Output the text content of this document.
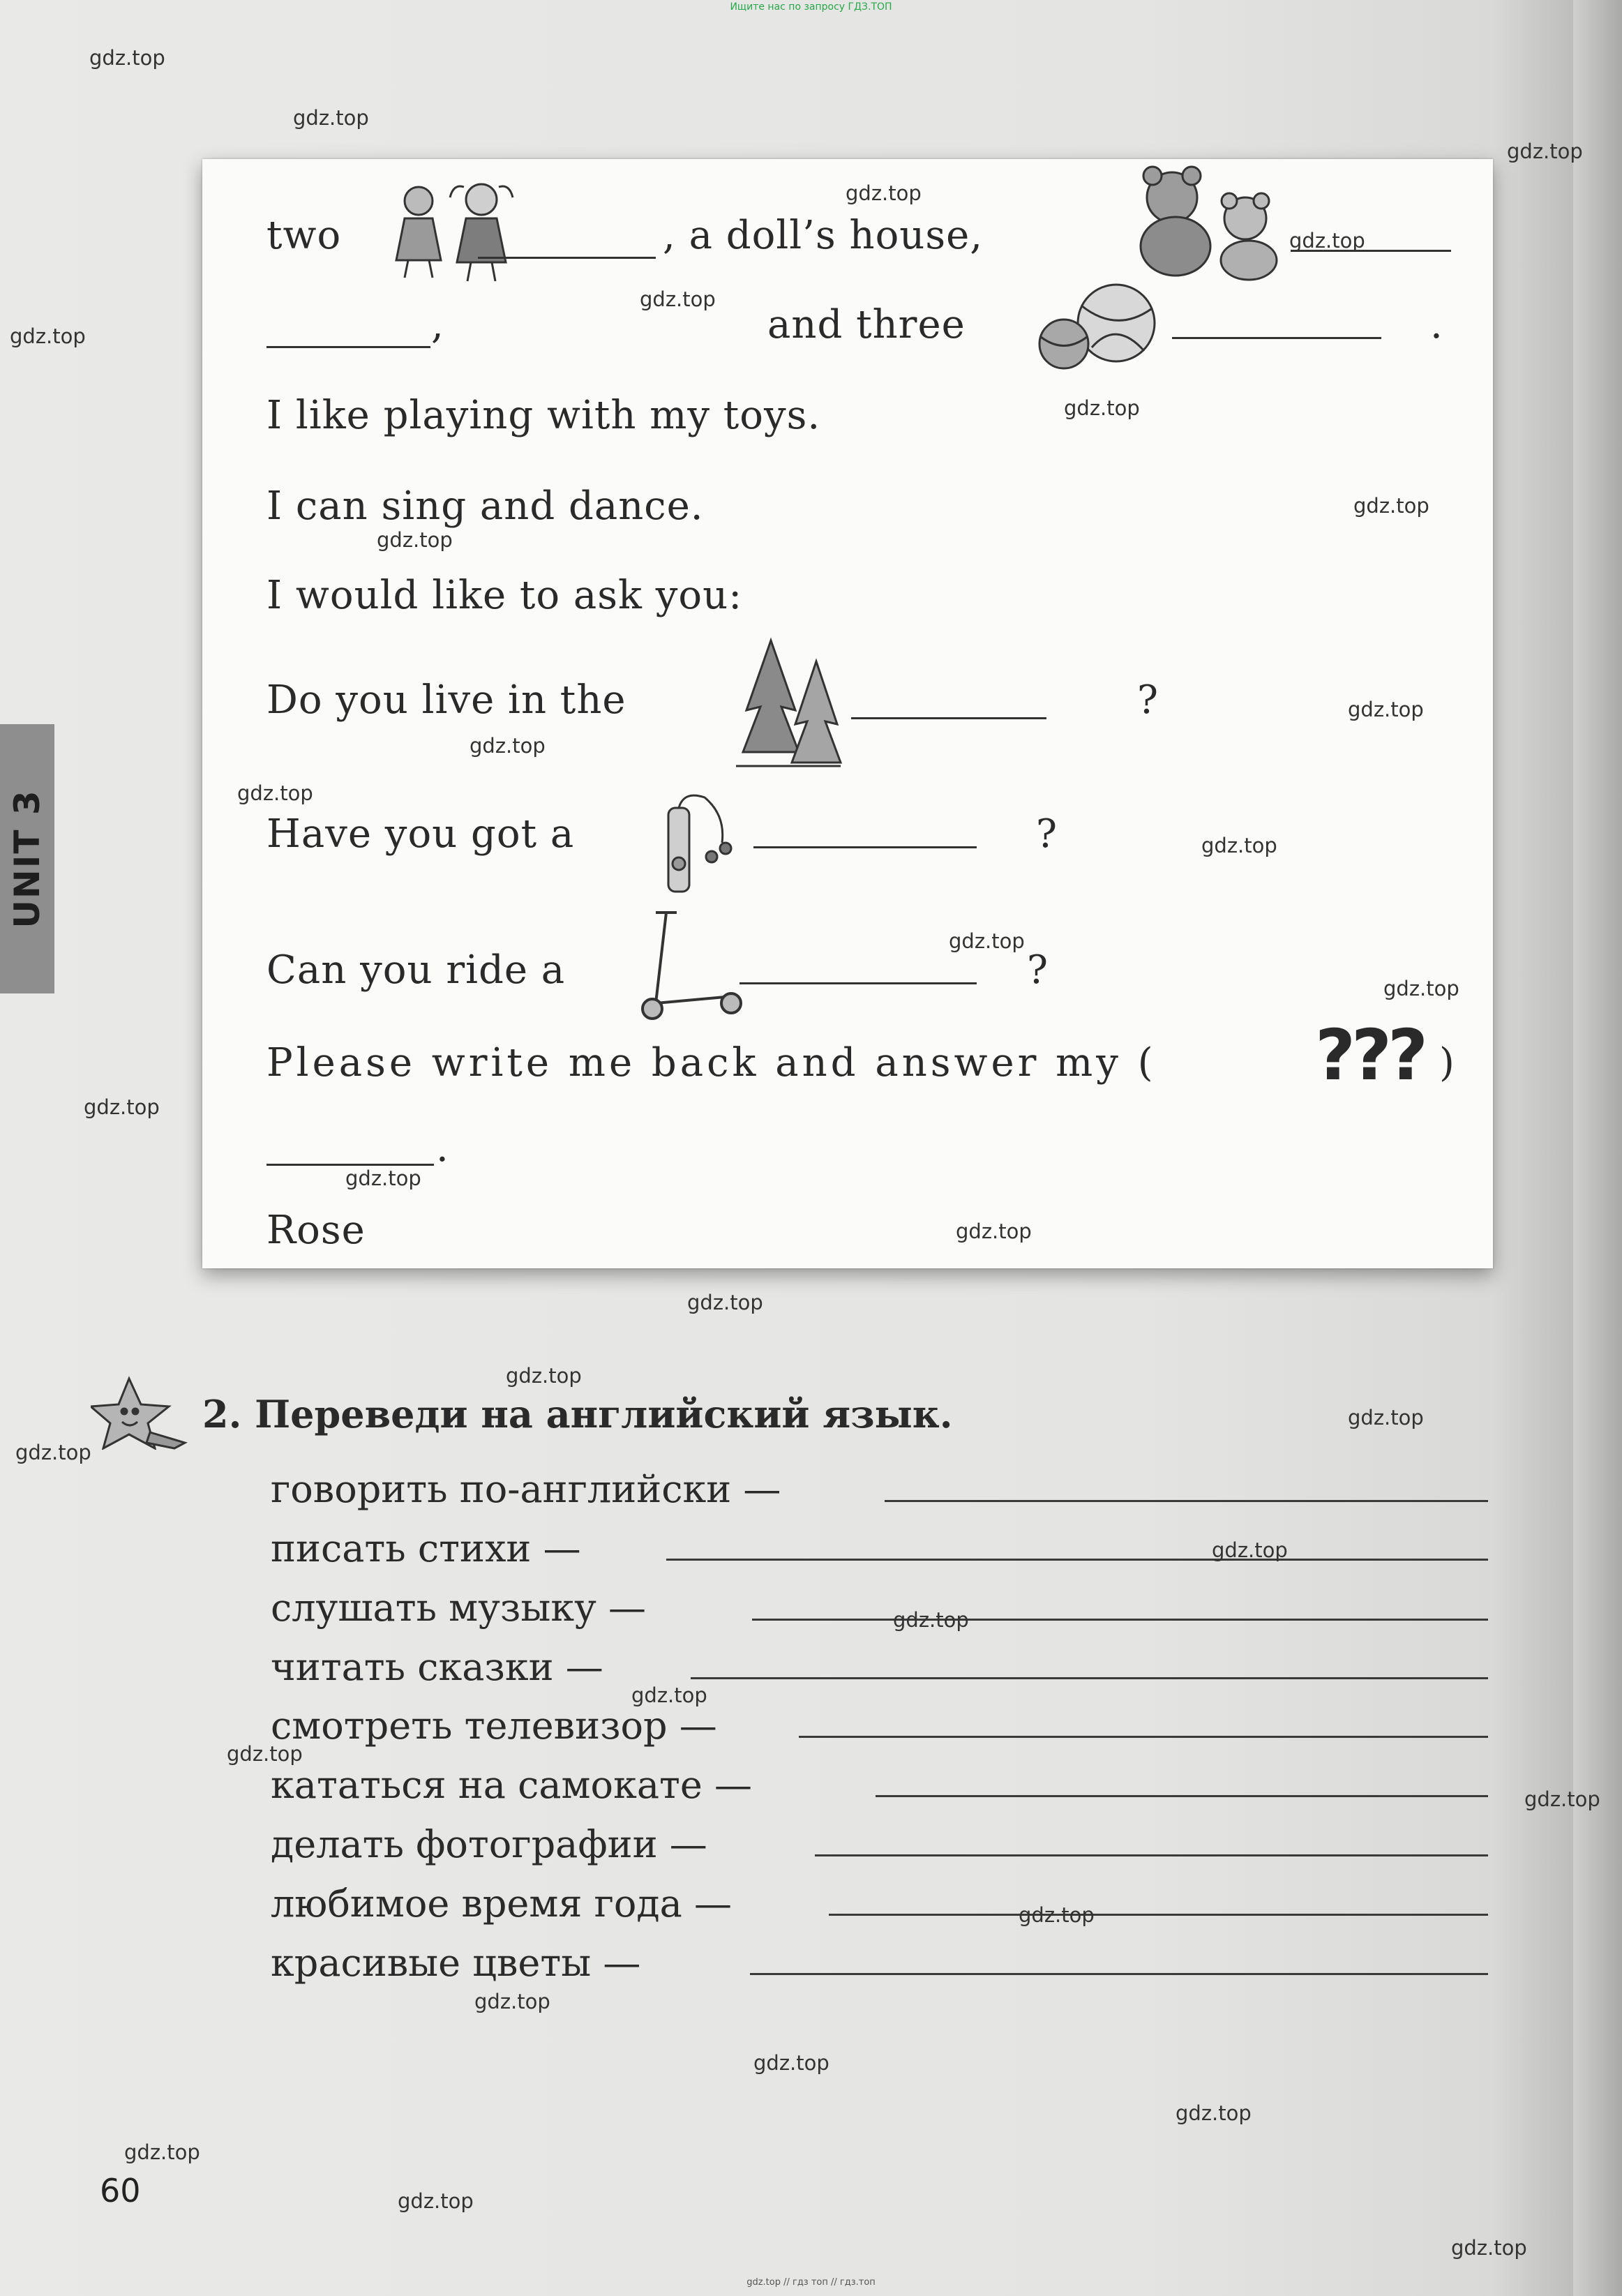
Ищите нас по запросу ГДЗ.ТОП
UNIT 3
two	, a doll’s house,
,	and three	.
I like playing with my toys.
I can sing and dance.
I would like to ask you:
Do you live in the	?
Have you got a	?
Can you ride a	?
Please write me back and answer my ( ??? )
.
Rose
2. Переведи на английский язык.
говорить по-английски —
писать стихи —
слушать музыку —
читать сказки —
смотреть телевизор —
кататься на самокате —
делать фотографии —
любимое время года —
красивые цветы —
60
gdz.top
gdz.top
gdz.top
gdz.top
gdz.top
gdz.top
gdz.top
gdz.top
gdz.top
gdz.top
gdz.top
gdz.top
gdz.top
gdz.top
gdz.top
gdz.top
gdz.top
gdz.top
gdz.top
gdz.top
gdz.top
gdz.top
gdz.top
gdz.top
gdz.top
gdz.top
gdz.top
gdz.top
gdz.top
gdz.top
gdz.top
gdz.top
gdz.top
gdz.top
gdz.top
gdz.top // гдз топ // гдз.топ
